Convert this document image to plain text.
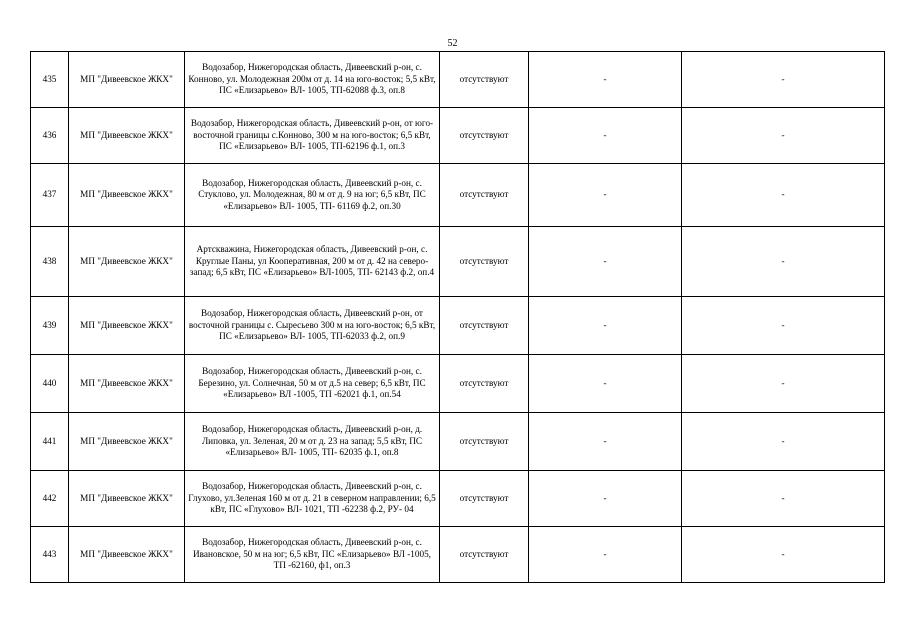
52
435	МП "Дивеевское ЖКХ"	Водозабор, Нижегородская область, Дивеевский р-он, с. Конново, ул. Молодежная 200м от д. 14 на юго-восток; 5,5 кВт, ПС «Елизарьево» ВЛ- 1005, ТП-62088 ф.3, оп.8	отсутствуют	-	-
436	МП "Дивеевское ЖКХ"	Водозабор, Нижегородская область, Дивеевский р-он, от юго-восточной границы с.Конново, 300 м на юго-восток; 6,5 кВт, ПС «Елизарьево» ВЛ- 1005, ТП-62196 ф.1, оп.3	отсутствуют	-	-
437	МП "Дивеевское ЖКХ"	Водозабор, Нижегородская область, Дивеевский р-он, с. Стуклово, ул. Молодежная, 80 м от д. 9 на юг; 6,5 кВт, ПС «Елизарьево» ВЛ- 1005, ТП- 61169 ф.2, оп.30	отсутствуют	-	-
438	МП "Дивеевское ЖКХ"	Артскважина, Нижегородская область, Дивеевский р-он, с. Круглые Паны, ул Кооперативная, 200 м от д. 42 на северо-запад; 6,5 кВт, ПС «Елизарьево» ВЛ-1005, ТП- 62143 ф.2, оп.4	отсутствуют	-	-
439	МП "Дивеевское ЖКХ"	Водозабор, Нижегородская область, Дивеевский р-он, от восточной границы с. Сыресьево 300 м на юго-восток; 6,5 кВт, ПС «Елизарьево» ВЛ- 1005, ТП-62033 ф.2, оп.9	отсутствуют	-	-
440	МП "Дивеевское ЖКХ"	Водозабор, Нижегородская область, Дивеевский р-он, с. Березино, ул. Солнечная, 50 м от д.5 на север; 6,5 кВт, ПС «Елизарьево» ВЛ -1005, ТП -62021 ф.1, оп.54	отсутствуют	-	-
441	МП "Дивеевское ЖКХ"	Водозабор, Нижегородская область, Дивеевский р-он, д. Липовка, ул. Зеленая, 20 м от д. 23 на запад; 5,5 кВт, ПС «Елизарьево» ВЛ- 1005, ТП- 62035 ф.1, оп.8	отсутствуют	-	-
442	МП "Дивеевское ЖКХ"	Водозабор, Нижегородская область, Дивеевский р-он, с. Глухово, ул.Зеленая 160 м от д. 21 в северном направлении; 6,5 кВт, ПС «Глухово» ВЛ- 1021, ТП -62238 ф.2, РУ- 04	отсутствуют	-	-
443	МП "Дивеевское ЖКХ"	Водозабор, Нижегородская область, Дивеевский р-он, с. Ивановское, 50 м на юг; 6,5 кВт, ПС «Елизарьево» ВЛ -1005, ТП -62160, ф1, оп.3	отсутствуют	-	-
